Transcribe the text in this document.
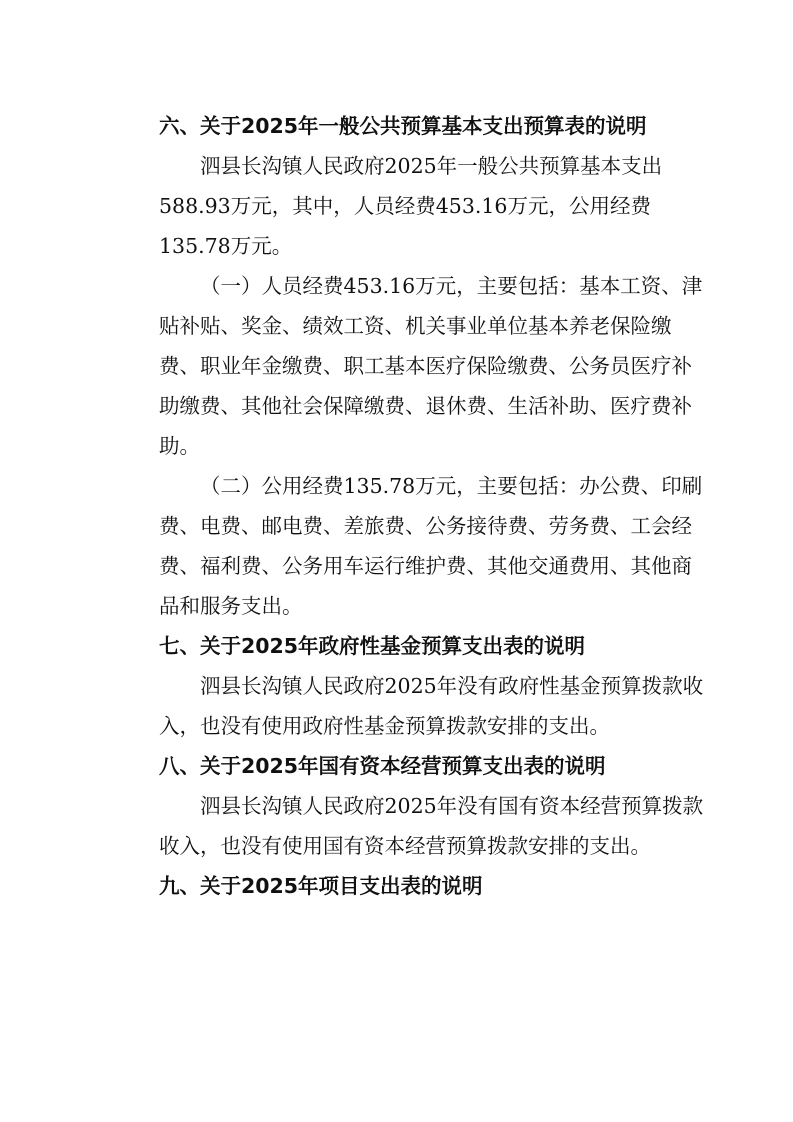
六、关于2025年一般公共预算基本支出预算表的说明
泗县长沟镇人民政府2025年一般公共预算基本支出
588.93万元，其中，人员经费453.16万元，公用经费
135.78万元。
（一）人员经费453.16万元，主要包括：基本工资、津
贴补贴、奖金、绩效工资、机关事业单位基本养老保险缴
费、职业年金缴费、职工基本医疗保险缴费、公务员医疗补
助缴费、其他社会保障缴费、退休费、生活补助、医疗费补
助。
（二）公用经费135.78万元，主要包括：办公费、印刷
费、电费、邮电费、差旅费、公务接待费、劳务费、工会经
费、福利费、公务用车运行维护费、其他交通费用、其他商
品和服务支出。
七、关于2025年政府性基金预算支出表的说明
泗县长沟镇人民政府2025年没有政府性基金预算拨款收
入，也没有使用政府性基金预算拨款安排的支出。
八、关于2025年国有资本经营预算支出表的说明
泗县长沟镇人民政府2025年没有国有资本经营预算拨款
收入，也没有使用国有资本经营预算拨款安排的支出。
九、关于2025年项目支出表的说明
